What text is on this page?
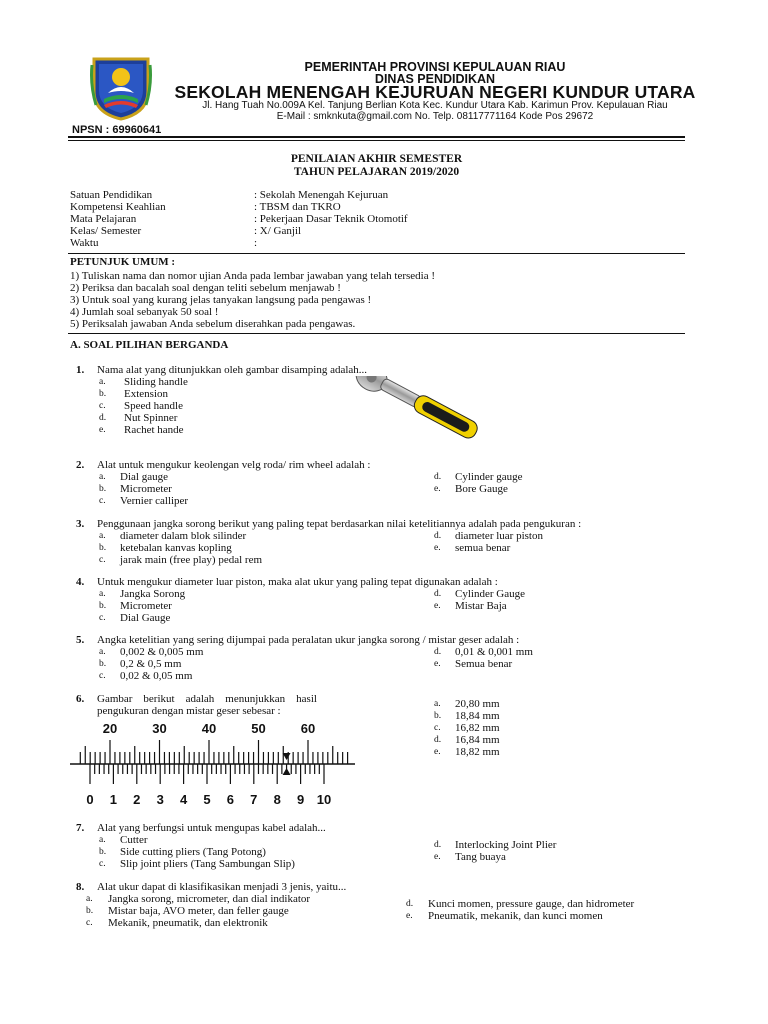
PEMERINTAH PROVINSI KEPULAUAN RIAU
DINAS PENDIDIKAN
SEKOLAH MENENGAH KEJURUAN NEGERI KUNDUR UTARA
Jl. Hang Tuah No.009A Kel. Tanjung Berlian Kota Kec. Kundur Utara Kab. Karimun Prov. Kepulauan Riau
E-Mail : smknkuta@gmail.com No. Telp. 08117771164 Kode Pos 29672
NPSN : 69960641
PENILAIAN AKHIR SEMESTER
TAHUN PELAJARAN 2019/2020
Satuan Pendidikan	: Sekolah Menengah Kejuruan
Kompetensi Keahlian	: TBSM dan TKRO
Mata Pelajaran	: Pekerjaan Dasar Teknik Otomotif
Kelas/ Semester	: X/ Ganjil
Waktu	:
PETUNJUK UMUM :
1) Tuliskan nama dan nomor ujian Anda pada lembar jawaban yang telah tersedia !
2) Periksa dan bacalah soal dengan teliti sebelum menjawab !
3) Untuk soal yang kurang jelas tanyakan langsung pada pengawas !
4) Jumlah soal sebanyak 50 soal !
5) Periksalah jawaban Anda sebelum diserahkan pada pengawas.
A. SOAL PILIHAN BERGANDA
1. Nama alat yang ditunjukkan oleh gambar disamping adalah...
a. Sliding handle
b. Extension
c. Speed handle
d. Nut Spinner
e. Rachet hande
2. Alat untuk mengukur keolengan velg roda/ rim wheel adalah :
a. Dial gauge
b. Micrometer
c. Vernier calliper
d. Cylinder gauge
e. Bore Gauge
3. Penggunaan jangka sorong berikut yang paling tepat berdasarkan nilai ketelitiannya adalah pada pengukuran :
a. diameter dalam blok silinder
b. ketebalan kanvas kopling
c. jarak main (free play) pedal rem
d. diameter luar piston
e. semua benar
4. Untuk mengukur diameter luar piston, maka alat ukur yang paling tepat digunakan adalah :
a. Jangka Sorong
b. Micrometer
c. Dial Gauge
d. Cylinder Gauge
e. Mistar Baja
5. Angka ketelitian yang sering dijumpai pada peralatan ukur jangka sorong / mistar geser adalah :
a. 0,002 & 0,005 mm
b. 0,2 & 0,5 mm
c. 0,02 & 0,05 mm
d. 0,01 & 0,001 mm
e. Semua benar
6. Gambar    berikut    adalah    menunjukkan    hasil
pengukuran dengan mistar geser sebesar :
a. 20,80 mm
b. 18,84 mm
c. 16,82 mm
d. 16,84 mm
e. 18,82 mm
20	30	40	50	60
0 1 2 3 4 5 6 7 8 9 10
7. Alat yang berfungsi untuk mengupas kabel adalah...
a. Cutter
b. Side cutting pliers (Tang Potong)
c. Slip joint pliers (Tang Sambungan Slip)
d. Interlocking Joint Plier
e. Tang buaya
8. Alat ukur dapat di klasifikasikan menjadi 3 jenis, yaitu...
a. Jangka sorong, micrometer, dan dial indikator
b. Mistar baja, AVO meter, dan feller gauge
c. Mekanik, pneumatik, dan elektronik
d. Kunci momen, pressure gauge, dan hidrometer
e. Pneumatik, mekanik, dan kunci momen
